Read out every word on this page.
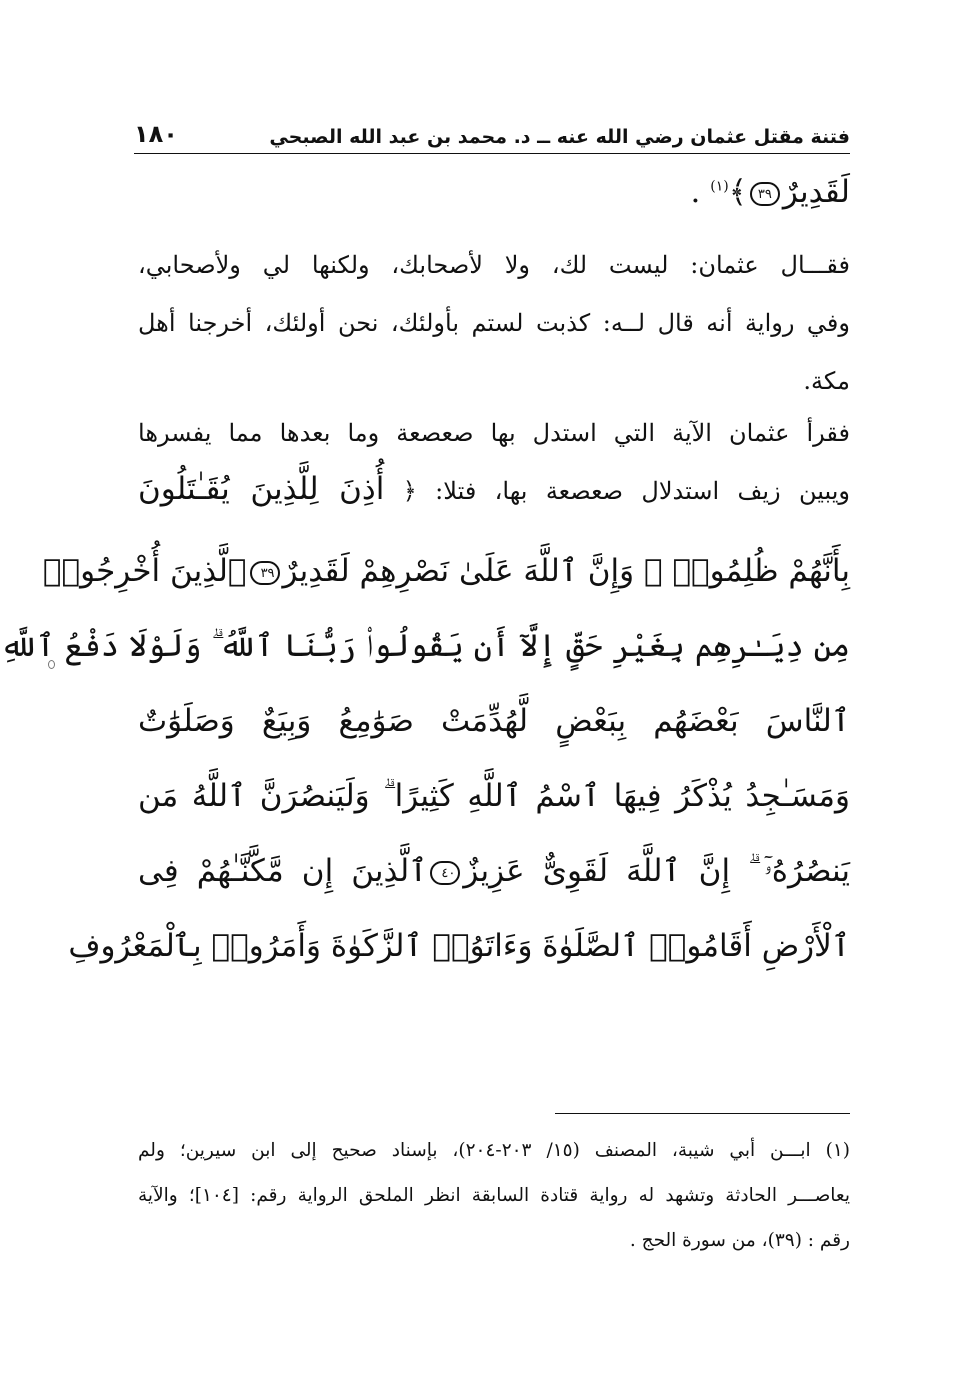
فتنة مقتل عثمان رضي الله عنه ــ د. محمد بن عبد الله الصبحي
١٨٠
لَقَدِيرٌ٣٩﴾$^{(١)}$ .
فقـــال عثمان: ليست لك، ولا لأصحابك، ولكنها لي ولأصحابي،
وفي رواية أنه قال لــه: كذبت لستم بأولئك، نحن أولئك، أخرجنا أهل
مكة.
فقرأ عثمان الآية التي استدل بها صعصعة وما بعدها مما يفسرها
ويبين زيف استدلال صعصعة بها، فتلا: ﴿ أُذِنَ لِلَّذِينَ يُقَـٰتَلُونَ
بِأَنَّهُمْ ظُلِمُوا۟ ۚ وَإِنَّ ٱللَّهَ عَلَىٰ نَصْرِهِمْ لَقَدِيرٌ٣٩ٱلَّذِينَ أُخْرِجُوا۟
مِن دِيَـٰرِهِم بِغَيْرِ حَقٍّ إِلَّآ أَن يَقُولُوا۟ رَبُّنَا ٱللَّهُ ۗ وَلَوْلَا دَفْعُ ٱللَّهِ
ٱلنَّاسَ بَعْضَهُم بِبَعْضٍ لَّهُدِّمَتْ صَوَٰمِعُ وَبِيَعٌ وَصَلَوَٰتٌ
وَمَسَـٰجِدُ يُذْكَرُ فِيهَا ٱسْمُ ٱللَّهِ كَثِيرًا ۗ وَلَيَنصُرَنَّ ٱللَّهُ مَن
يَنصُرُهُۥٓ ۗ إِنَّ ٱللَّهَ لَقَوِىٌّ عَزِيزٌ٤٠ٱلَّذِينَ إِن مَّكَّنَّـٰهُمْ فِى
ٱلْأَرْضِ أَقَامُوا۟ ٱلصَّلَوٰةَ وَءَاتَوُا۟ ٱلزَّكَوٰةَ وَأَمَرُوا۟ بِٱلْمَعْرُوفِ
(١) ابـــن أبي شيبة، المصنف (١٥/ ٢٠٣-٢٠٤)، بإسناد صحيح إلى ابن سيرين؛ ولم
يعاصـــر الحادثة وتشهد له رواية قتادة السابقة انظر الملحق الرواية رقم: [١٠٤]؛ والآية
رقم : (٣٩)، من سورة الحج .
